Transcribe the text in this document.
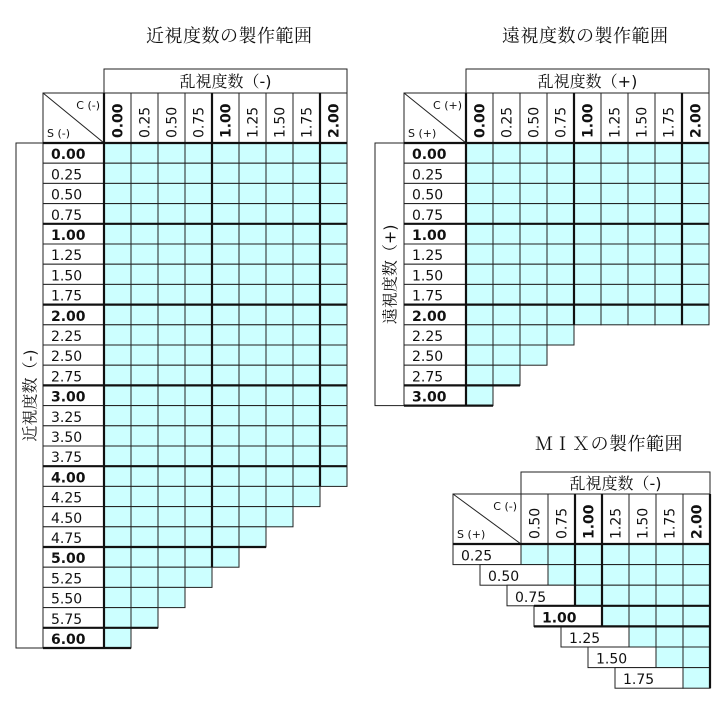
近視度数の製作範囲	遠視度数の製作範囲
ＭＩＸの製作範囲
乱視度数（-)
C (-)
S (-)	0.00 0.25 0.50 0.75 1.00 1.25 1.50 1.75 2.00
近視度数（-)
0.00
0.25
0.50
0.75
1.00
1.25
1.50
1.75
2.00
2.25
2.50
2.75
3.00
3.25
3.50
3.75
4.00
4.25
4.50
4.75
5.00
5.25
5.50
5.75
6.00
乱視度数（+)
C (+)
S (+)	0.00 0.25 0.50 0.75 1.00 1.25 1.50 1.75 2.00
遠視度数（+)
0.00
0.25
0.50
0.75
1.00
1.25
1.50
1.75
2.00
2.25
2.50
2.75
3.00
乱視度数（-)
C (-)
S (+)	0.50 0.75 1.00 1.25 1.50 1.75 2.00
0.25
0.50
0.75
1.00
1.25
1.50
1.75
